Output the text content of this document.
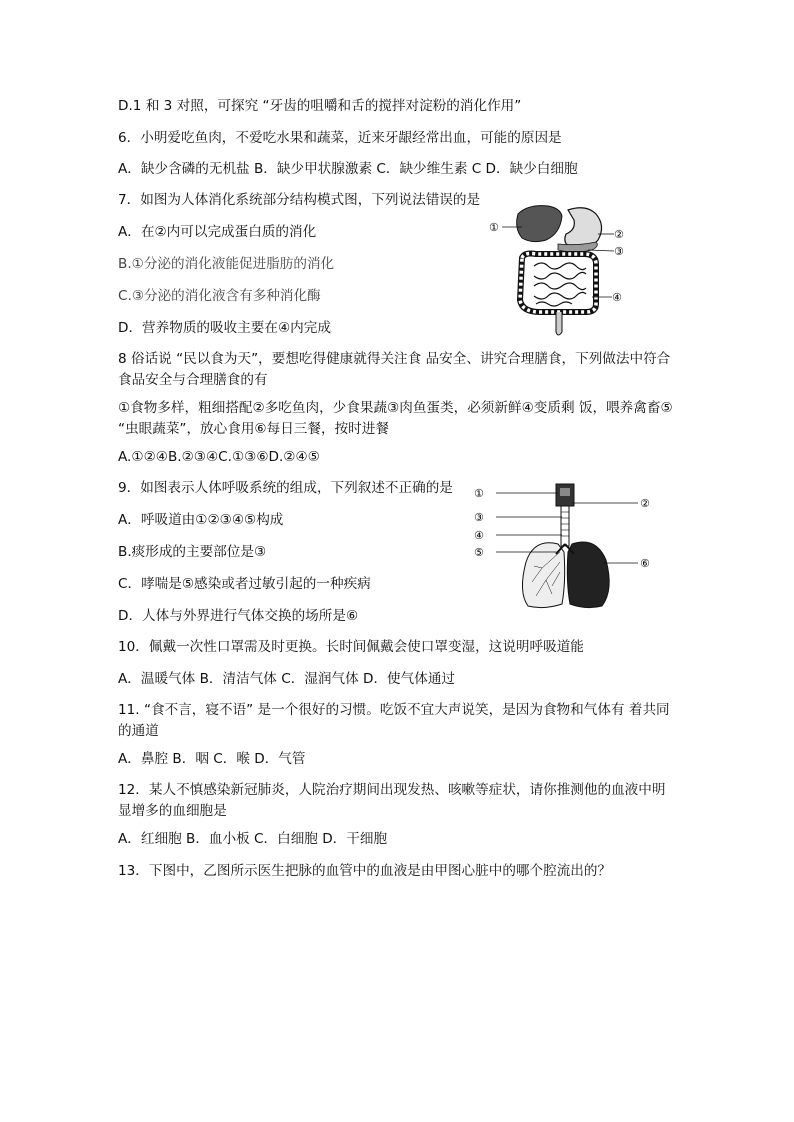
D.1 和 3 对照，可探究 “牙齿的咀嚼和舌的搅拌对淀粉的消化作用”
6．小明爱吃鱼肉，不爱吃水果和蔬菜，近来牙龈经常出血，可能的原因是
A．缺少含磷的无机盐 B．缺少甲状腺激素 C．缺少维生素 C D．缺少白细胞
7．如图为人体消化系统部分结构模式图，下列说法错误的是
A．在②内可以完成蛋白质的消化
B.①分泌的消化液能促进脂肪的消化
C.③分泌的消化液含有多种消化酶
D．营养物质的吸收主要在④内完成
①
②
③
④
8 俗话说 “民以食为天”，要想吃得健康就得关注食 品安全、讲究合理膳食，下列做法中符合食品安全与合理膳食的有
①食物多样，粗细搭配②多吃鱼肉，少食果蔬③肉鱼蛋类，必须新鲜④变质剩 饭，喂养禽畜⑤ “虫眼蔬菜”，放心食用⑥每日三餐，按时进餐
A.①②④B.②③④C.①③⑥D.②④⑤
9．如图表示人体呼吸系统的组成，下列叙述不正确的是
A．呼吸道由①②③④⑤构成
B.痰形成的主要部位是③
C．哮喘是⑤感染或者过敏引起的一种疾病
D．人体与外界进行气体交换的场所是⑥
①
②
③
④
⑤
⑥
10．佩戴一次性口罩需及时更换。长时间佩戴会使口罩变湿，这说明呼吸道能
A．温暖气体 B．清洁气体 C．湿润气体 D．使气体通过
11. “食不言，寝不语” 是一个很好的习惯。吃饭不宜大声说笑，是因为食物和气体有 着共同的通道
A．鼻腔 B．咽 C．喉 D．气管
12．某人不慎感染新冠肺炎，人院治疗期间出现发热、咳嗽等症状，请你推测他的血液中明显增多的血细胞是
A．红细胞 B．血小板 C．白细胞 D．干细胞
13．下图中，乙图所示医生把脉的血管中的血液是由甲图心脏中的哪个腔流出的？
